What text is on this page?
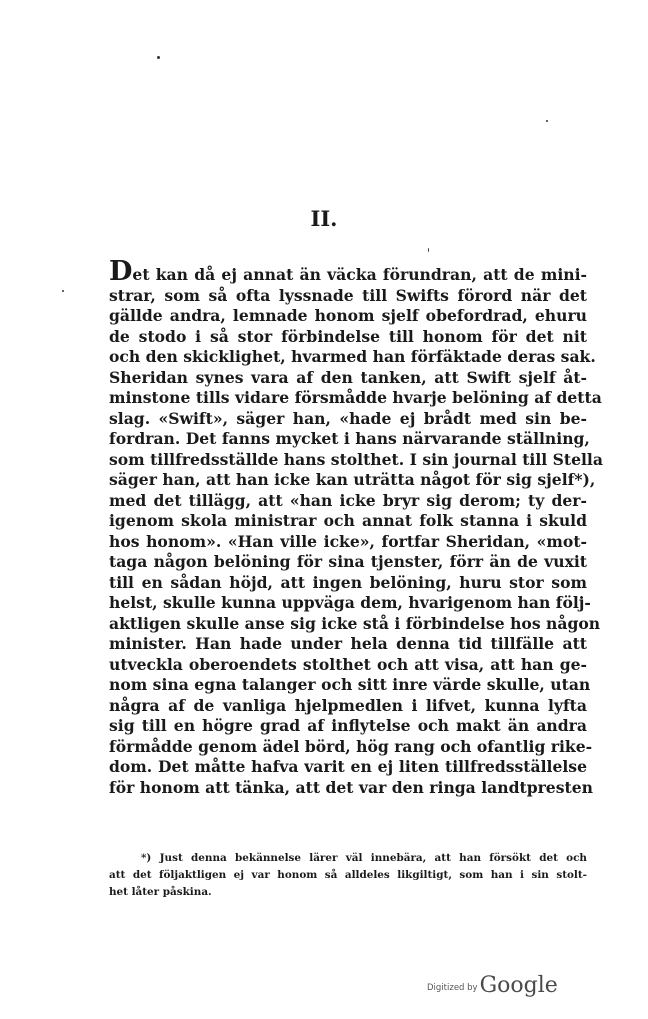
II.
Det kan då ej annat än väcka förundran, att de mini-
strar, som så ofta lyssnade till Swifts förord när det
gällde andra, lemnade honom sjelf obefordrad, ehuru
de stodo i så stor förbindelse till honom för det nit
och den skicklighet, hvarmed han förfäktade deras sak.
Sheridan synes vara af den tanken, att Swift sjelf åt-
minstone tills vidare försmådde hvarje belöning af detta
slag. «Swift», säger han, «hade ej brådt med sin be-
fordran. Det fanns mycket i hans närvarande ställning,
som tillfredsställde hans stolthet. I sin journal till Stella
säger han, att han icke kan uträtta något för sig sjelf*),
med det tillägg, att «han icke bryr sig derom; ty der-
igenom skola ministrar och annat folk stanna i skuld
hos honom». «Han ville icke», fortfar Sheridan, «mot-
taga någon belöning för sina tjenster, förr än de vuxit
till en sådan höjd, att ingen belöning, huru stor som
helst, skulle kunna uppväga dem, hvarigenom han följ-
aktligen skulle anse sig icke stå i förbindelse hos någon
minister. Han hade under hela denna tid tillfälle att
utveckla oberoendets stolthet och att visa, att han ge-
nom sina egna talanger och sitt inre värde skulle, utan
några af de vanliga hjelpmedlen i lifvet, kunna lyfta
sig till en högre grad af inflytelse och makt än andra
förmådde genom ädel börd, hög rang och ofantlig rike-
dom. Det måtte hafva varit en ej liten tillfredsställelse
för honom att tänka, att det var den ringa landtpresten
*) Just denna bekännelse lärer väl innebära, att han försökt det och
att det följaktligen ej var honom så alldeles likgiltigt, som han i sin stolt-
het låter påskina.
Digitized by Google
